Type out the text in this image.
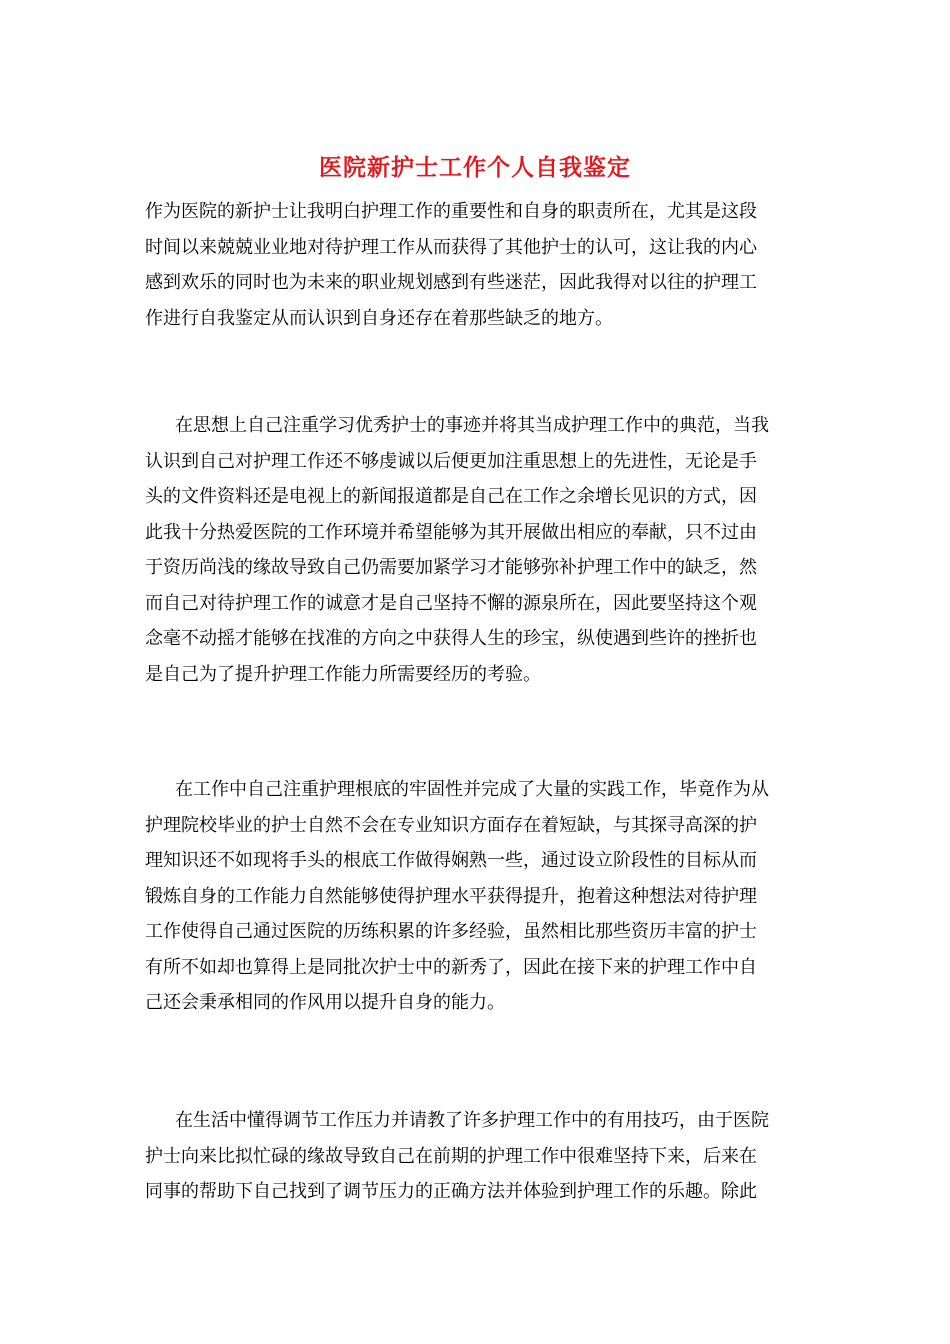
医院新护士工作个人自我鉴定

作为医院的新护士让我明白护理工作的重要性和自身的职责所在，尤其是这段
时间以来兢兢业业地对待护理工作从而获得了其他护士的认可，这让我的内心
感到欢乐的同时也为未来的职业规划感到有些迷茫，因此我得对以往的护理工
作进行自我鉴定从而认识到自身还存在着那些缺乏的地方。

在思想上自己注重学习优秀护士的事迹并将其当成护理工作中的典范，当我
认识到自己对护理工作还不够虔诚以后便更加注重思想上的先进性，无论是手
头的文件资料还是电视上的新闻报道都是自己在工作之余增长见识的方式，因
此我十分热爱医院的工作环境并希望能够为其开展做出相应的奉献，只不过由
于资历尚浅的缘故导致自己仍需要加紧学习才能够弥补护理工作中的缺乏，然
而自己对待护理工作的诚意才是自己坚持不懈的源泉所在，因此要坚持这个观
念毫不动摇才能够在找准的方向之中获得人生的珍宝，纵使遇到些许的挫折也
是自己为了提升护理工作能力所需要经历的考验。

在工作中自己注重护理根底的牢固性并完成了大量的实践工作，毕竟作为从
护理院校毕业的护士自然不会在专业知识方面存在着短缺，与其探寻高深的护
理知识还不如现将手头的根底工作做得娴熟一些，通过设立阶段性的目标从而
锻炼自身的工作能力自然能够使得护理水平获得提升，抱着这种想法对待护理
工作使得自己通过医院的历练积累的许多经验，虽然相比那些资历丰富的护士
有所不如却也算得上是同批次护士中的新秀了，因此在接下来的护理工作中自
己还会秉承相同的作风用以提升自身的能力。

在生活中懂得调节工作压力并请教了许多护理工作中的有用技巧，由于医院
护士向来比拟忙碌的缘故导致自己在前期的护理工作中很难坚持下来，后来在
同事的帮助下自己找到了调节压力的正确方法并体验到护理工作的乐趣。除此
